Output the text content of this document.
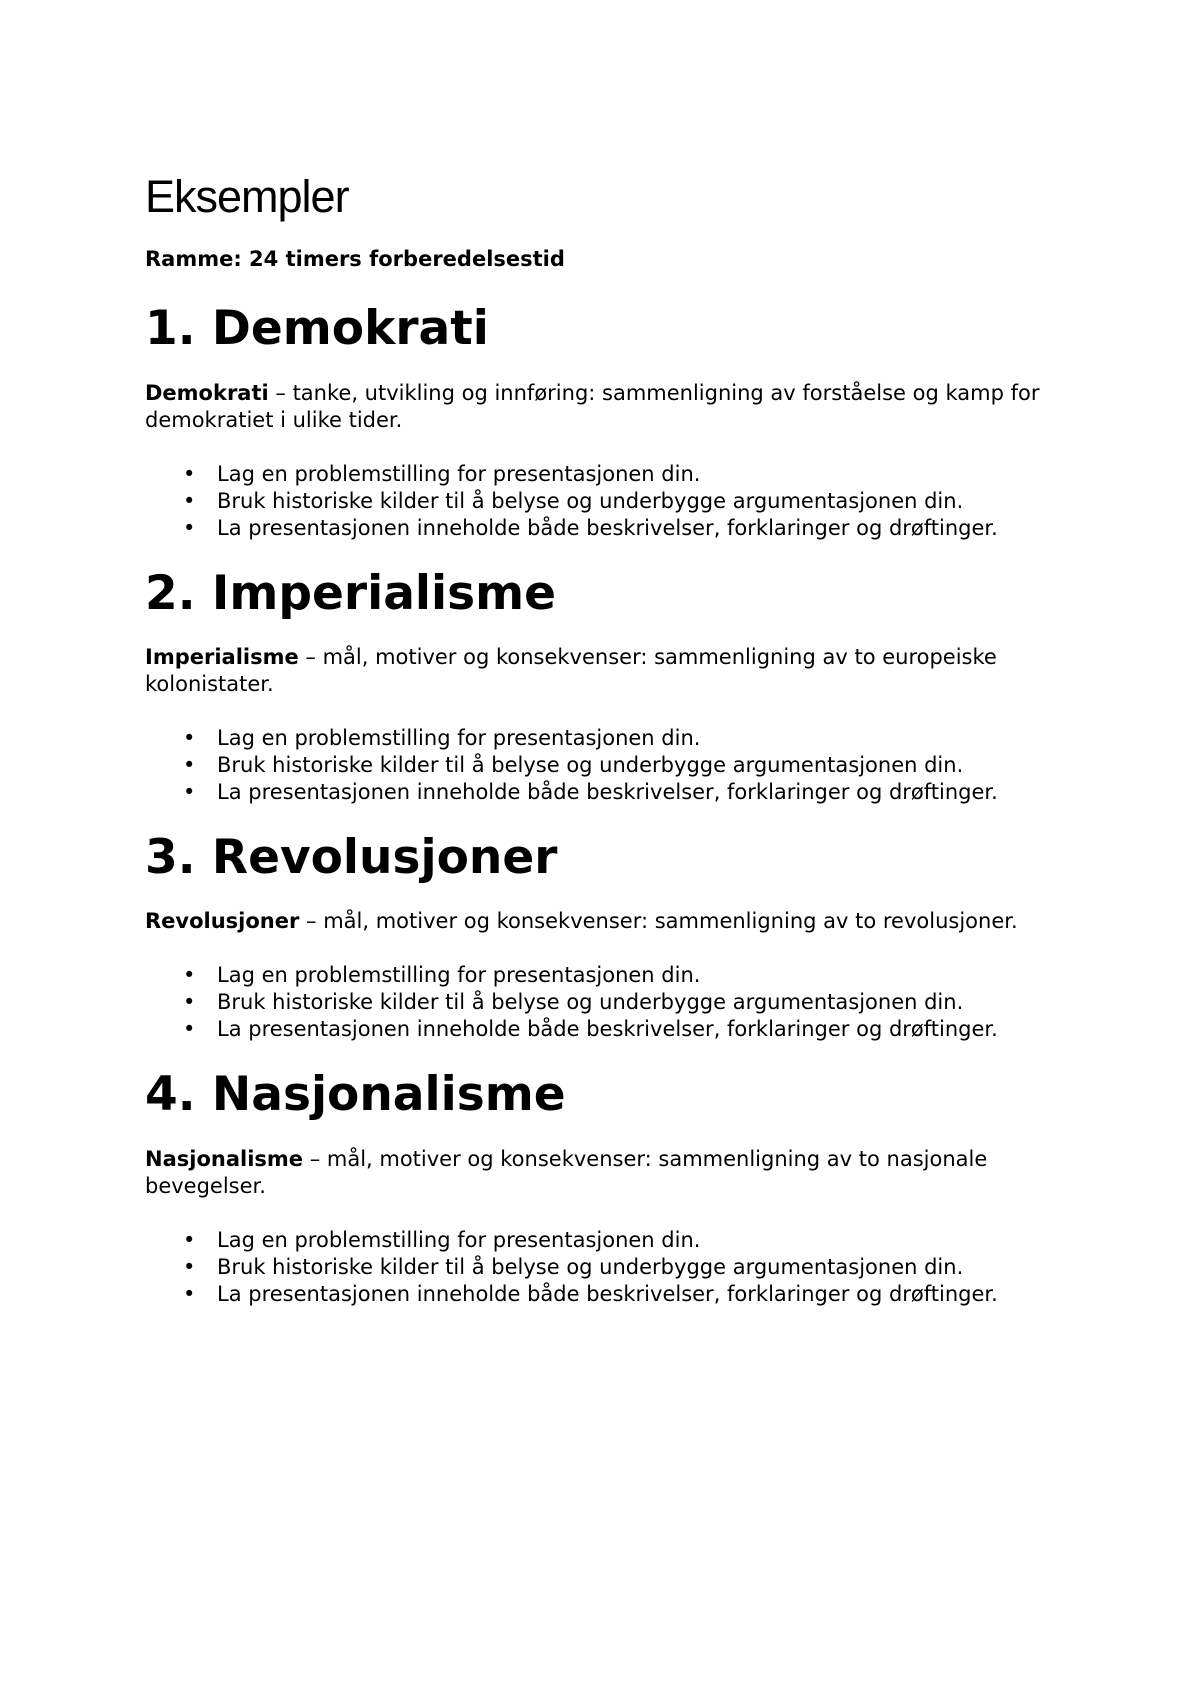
Eksempler

Ramme: 24 timers forberedelsestid

1. Demokrati

Demokrati – tanke, utvikling og innføring: sammenligning av forståelse og kamp for demokratiet i ulike tider.

• Lag en problemstilling for presentasjonen din.
• Bruk historiske kilder til å belyse og underbygge argumentasjonen din.
• La presentasjonen inneholde både beskrivelser, forklaringer og drøftinger.
2. Imperialisme

Imperialisme – mål, motiver og konsekvenser: sammenligning av to europeiske kolonistater.

• Lag en problemstilling for presentasjonen din.
• Bruk historiske kilder til å belyse og underbygge argumentasjonen din.
• La presentasjonen inneholde både beskrivelser, forklaringer og drøftinger.
3. Revolusjoner

Revolusjoner – mål, motiver og konsekvenser: sammenligning av to revolusjoner.

• Lag en problemstilling for presentasjonen din.
• Bruk historiske kilder til å belyse og underbygge argumentasjonen din.
• La presentasjonen inneholde både beskrivelser, forklaringer og drøftinger.
4. Nasjonalisme

Nasjonalisme – mål, motiver og konsekvenser: sammenligning av to nasjonale bevegelser.

• Lag en problemstilling for presentasjonen din.
• Bruk historiske kilder til å belyse og underbygge argumentasjonen din.
• La presentasjonen inneholde både beskrivelser, forklaringer og drøftinger.
